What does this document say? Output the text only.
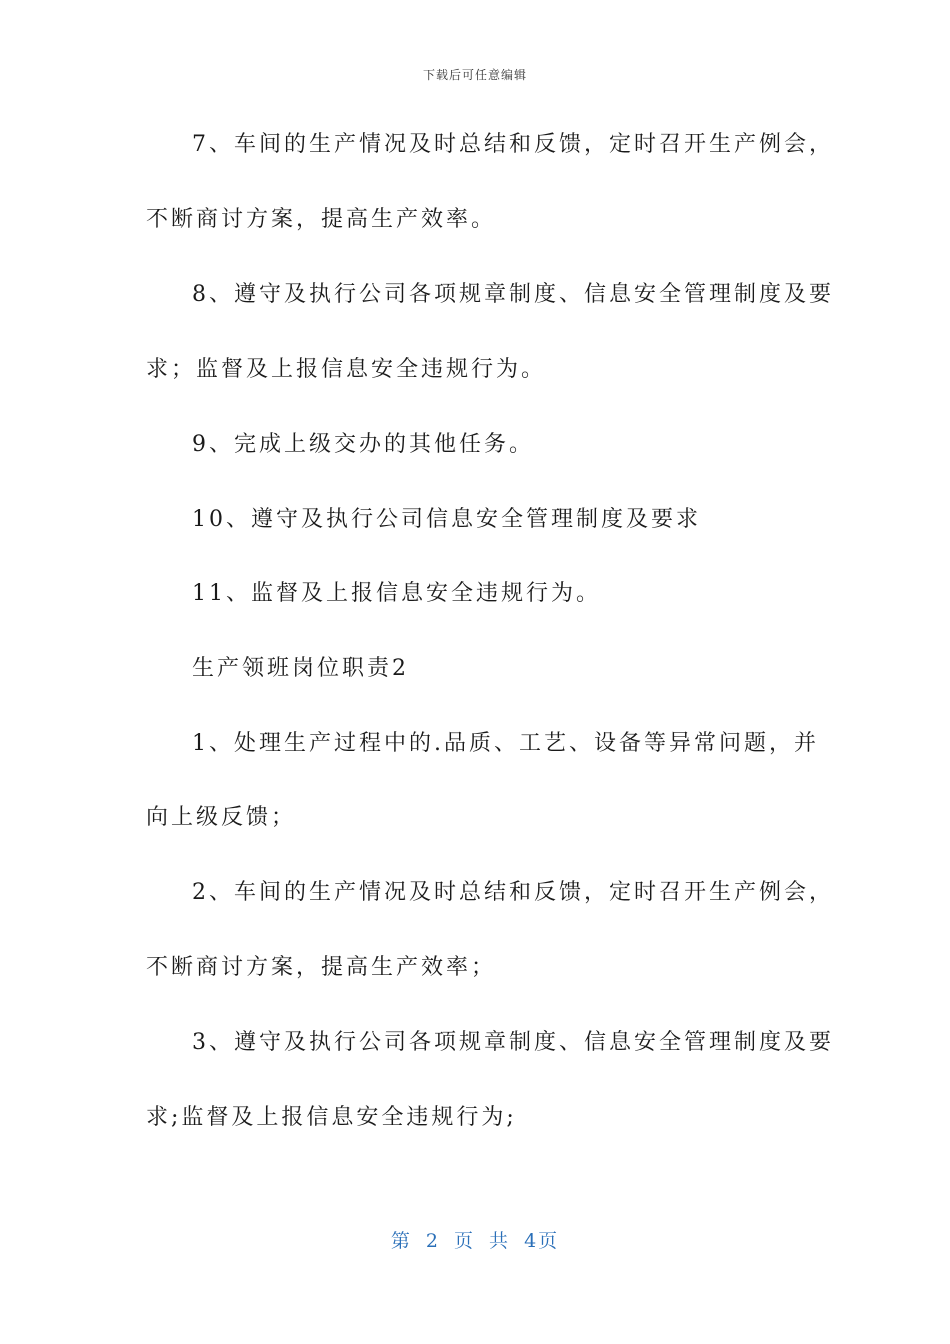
下载后可任意编辑
7、车间的生产情况及时总结和反馈，定时召开生产例会，
不断商讨方案，提高生产效率。
8、遵守及执行公司各项规章制度、信息安全管理制度及要
求；监督及上报信息安全违规行为。
9、完成上级交办的其他任务。
10、遵守及执行公司信息安全管理制度及要求
11、监督及上报信息安全违规行为。
生产领班岗位职责2
1、处理生产过程中的.品质、工艺、设备等异常问题，并
向上级反馈；
2、车间的生产情况及时总结和反馈，定时召开生产例会，
不断商讨方案，提高生产效率；
3、遵守及执行公司各项规章制度、信息安全管理制度及要
求;监督及上报信息安全违规行为;
第 2 页 共 4页
